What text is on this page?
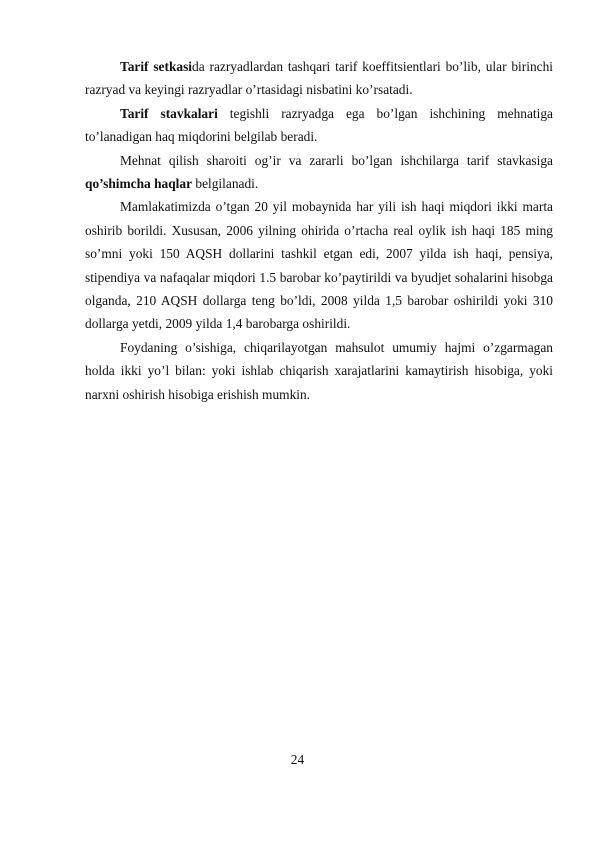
Tarif setkasida razryadlardan tashqari tarif koeffitsientlari bo’lib, ular birinchi razryad va keyingi razryadlar o’rtasidagi nisbatini ko’rsatadi.

Tarif stavkalari tegishli razryadga ega bo’lgan ishchining mehnatiga to’lanadigan haq miqdorini belgilab beradi.

Mehnat qilish sharoiti og’ir va zararli bo’lgan ishchilarga tarif stavkasiga qo’shimcha haqlar belgilanadi.

Mamlakatimizda o’tgan 20 yil mobaynida har yili ish haqi miqdori ikki marta oshirib borildi. Xususan, 2006 yilning ohirida o’rtacha real oylik ish haqi 185 ming so’mni yoki 150 AQSH dollarini tashkil etgan edi, 2007 yilda ish haqi, pensiya, stipendiya va nafaqalar miqdori 1.5 barobar ko’paytirildi va byudjet sohalarini hisobga olganda, 210 AQSH dollarga teng bo’ldi, 2008 yilda 1,5 barobar oshirildi yoki 310 dollarga yetdi, 2009 yilda 1,4 barobarga oshirildi.

Foydaning o’sishiga, chiqarilayotgan mahsulot umumiy hajmi o’zgarmagan holda ikki yo’l bilan: yoki ishlab chiqarish xarajatlarini kamaytirish hisobiga, yoki narxni oshirish hisobiga erishish mumkin.

24
